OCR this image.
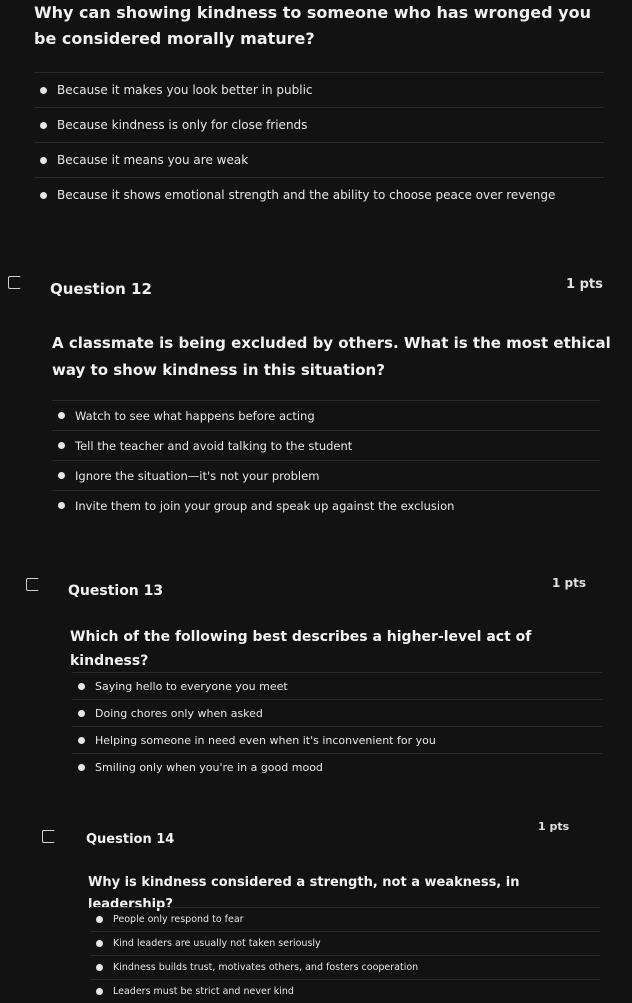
Why can showing kindness to someone who has wronged you be considered morally mature?
Because it makes you look better in public
Because kindness is only for close friends
Because it means you are weak
Because it shows emotional strength and the ability to choose peace over revenge
Question 12	1 pts
A classmate is being excluded by others. What is the most ethical way to show kindness in this situation?
Watch to see what happens before acting
Tell the teacher and avoid talking to the student
Ignore the situation—it's not your problem
Invite them to join your group and speak up against the exclusion
Question 13	1 pts
Which of the following best describes a higher-level act of kindness?
Saying hello to everyone you meet
Doing chores only when asked
Helping someone in need even when it's inconvenient for you
Smiling only when you're in a good mood
Question 14
1 pts
Why is kindness considered a strength, not a weakness, in leadership?
People only respond to fear
Kind leaders are usually not taken seriously
Kindness builds trust, motivates others, and fosters cooperation
Leaders must be strict and never kind
